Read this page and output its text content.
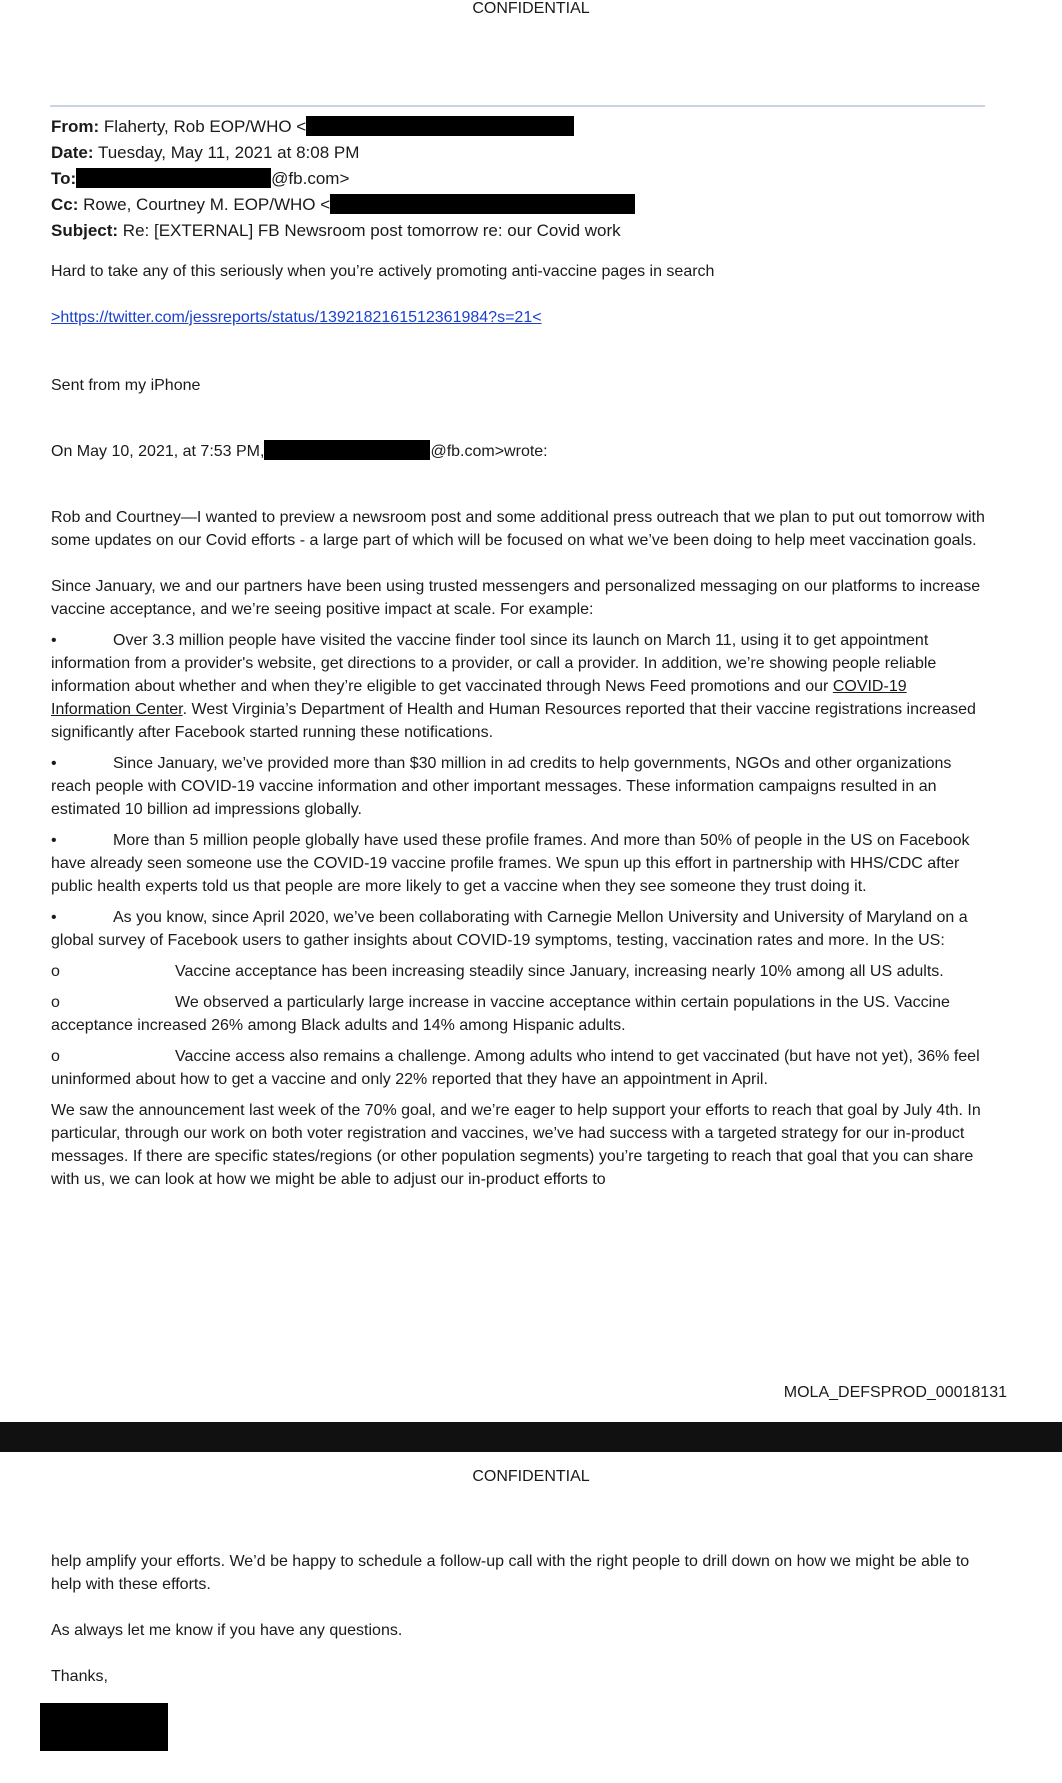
CONFIDENTIAL
From: Flaherty, Rob EOP/WHO <
Date: Tuesday, May 11, 2021 at 8:08 PM
To:	@fb.com>
Cc: Rowe, Courtney M. EOP/WHO <
Subject: Re: [EXTERNAL] FB Newsroom post tomorrow re: our Covid work
Hard to take any of this seriously when you’re actively promoting anti-vaccine pages in search
>https://twitter.com/jessreports/status/1392182161512361984?s=21<
Sent from my iPhone
On May 10, 2021, at 7:53 PM,	@fb.com>wrote:

Rob and Courtney—I wanted to preview a newsroom post and some additional press outreach that we plan to put out tomorrow with some updates on our Covid efforts - a large part of which will be focused on what we’ve been doing to help meet vaccination goals.

Since January, we and our partners have been using trusted messengers and personalized messaging on our platforms to increase vaccine acceptance, and we’re seeing positive impact at scale. For example:

•	Over 3.3 million people have visited the vaccine finder tool since its launch on March 11, using it to get appointment information from a provider's website, get directions to a provider, or call a provider. In addition, we’re showing people reliable information about whether and when they’re eligible to get vaccinated through News Feed promotions and our COVID-19 Information Center. West Virginia’s Department of Health and Human Resources reported that their vaccine registrations increased significantly after Facebook started running these notifications.
•	Since January, we’ve provided more than $30 million in ad credits to help governments, NGOs and other organizations reach people with COVID-19 vaccine information and other important messages. These information campaigns resulted in an estimated 10 billion ad impressions globally.
•	More than 5 million people globally have used these profile frames. And more than 50% of people in the US on Facebook have already seen someone use the COVID-19 vaccine profile frames. We spun up this effort in partnership with HHS/CDC after public health experts told us that people are more likely to get a vaccine when they see someone they trust doing it.
•	As you know, since April 2020, we’ve been collaborating with Carnegie Mellon University and University of Maryland on a global survey of Facebook users to gather insights about COVID-19 symptoms, testing, vaccination rates and more. In the US:
o	Vaccine acceptance has been increasing steadily since January, increasing nearly 10% among all US adults.
o	We observed a particularly large increase in vaccine acceptance within certain populations in the US. Vaccine acceptance increased 26% among Black adults and 14% among Hispanic adults.
o	Vaccine access also remains a challenge. Among adults who intend to get vaccinated (but have not yet), 36% feel uninformed about how to get a vaccine and only 22% reported that they have an appointment in April.

We saw the announcement last week of the 70% goal, and we’re eager to help support your efforts to reach that goal by July 4th. In particular, through our work on both voter registration and vaccines, we’ve had success with a targeted strategy for our in-product messages. If there are specific states/regions (or other population segments) you’re targeting to reach that goal that you can share with us, we can look at how we might be able to adjust our in-product efforts to

MOLA_DEFSPROD_00018131
CONFIDENTIAL

help amplify your efforts. We’d be happy to schedule a follow-up call with the right people to drill down on how we might be able to help with these efforts.

As always let me know if you have any questions.

Thanks,
